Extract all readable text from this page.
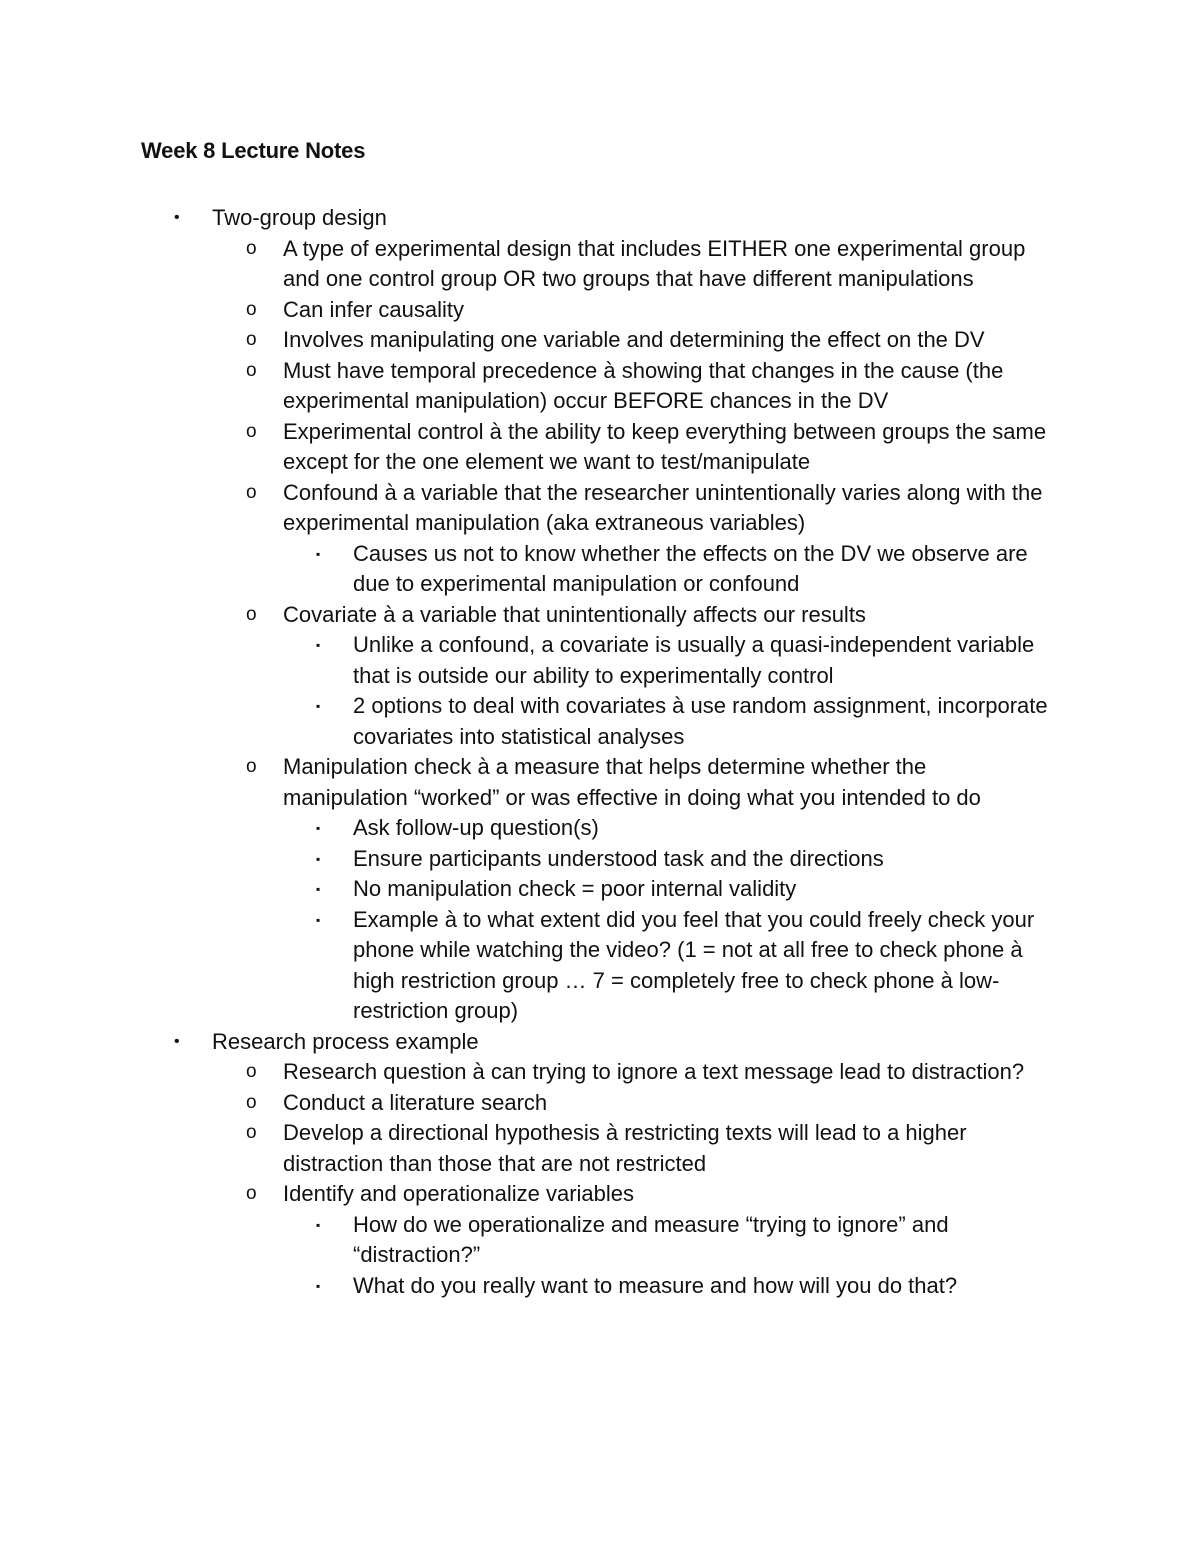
Week 8 Lecture Notes
• Two-group design
o A type of experimental design that includes EITHER one experimental group and one control group OR two groups that have different manipulations
o Can infer causality
o Involves manipulating one variable and determining the effect on the DV
o Must have temporal precedence à showing that changes in the cause (the experimental manipulation) occur BEFORE chances in the DV
o Experimental control à the ability to keep everything between groups the same except for the one element we want to test/manipulate
o Confound à a variable that the researcher unintentionally varies along with the experimental manipulation (aka extraneous variables)
▪ Causes us not to know whether the effects on the DV we observe are due to experimental manipulation or confound
o Covariate à a variable that unintentionally affects our results
▪ Unlike a confound, a covariate is usually a quasi-independent variable that is outside our ability to experimentally control
▪ 2 options to deal with covariates à use random assignment, incorporate covariates into statistical analyses
o Manipulation check à a measure that helps determine whether the manipulation “worked” or was effective in doing what you intended to do
▪ Ask follow-up question(s)
▪ Ensure participants understood task and the directions
▪ No manipulation check = poor internal validity
▪ Example à to what extent did you feel that you could freely check your phone while watching the video? (1 = not at all free to check phone à high restriction group … 7 = completely free to check phone à low-restriction group)
• Research process example
o Research question à can trying to ignore a text message lead to distraction?
o Conduct a literature search
o Develop a directional hypothesis à restricting texts will lead to a higher distraction than those that are not restricted
o Identify and operationalize variables
▪ How do we operationalize and measure “trying to ignore” and “distraction?”
▪ What do you really want to measure and how will you do that?
